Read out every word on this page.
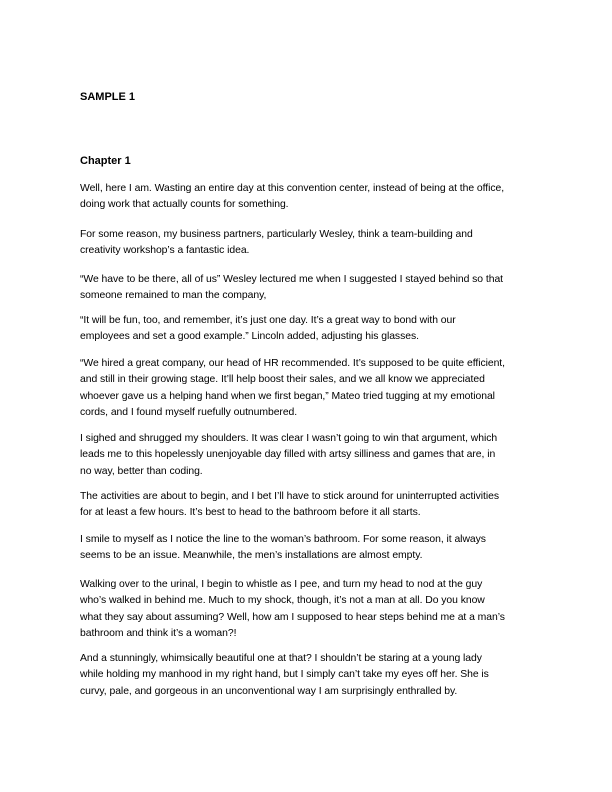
SAMPLE 1
Chapter 1

Well, here I am. Wasting an entire day at this convention center, instead of being at the office,
doing work that actually counts for something.

For some reason, my business partners, particularly Wesley, think a team-building and
creativity workshop’s a fantastic idea.

“We have to be there, all of us” Wesley lectured me when I suggested I stayed behind so that
someone remained to man the company,

“It will be fun, too, and remember, it’s just one day. It’s a great way to bond with our
employees and set a good example.” Lincoln added, adjusting his glasses.

“We hired a great company, our head of HR recommended. It’s supposed to be quite efficient,
and still in their growing stage. It’ll help boost their sales, and we all know we appreciated
whoever gave us a helping hand when we first began,” Mateo tried tugging at my emotional
cords, and I found myself ruefully outnumbered.

I sighed and shrugged my shoulders. It was clear I wasn’t going to win that argument, which
leads me to this hopelessly unenjoyable day filled with artsy silliness and games that are, in
no way, better than coding.

The activities are about to begin, and I bet I’ll have to stick around for uninterrupted activities
for at least a few hours. It’s best to head to the bathroom before it all starts.

I smile to myself as I notice the line to the woman’s bathroom. For some reason, it always
seems to be an issue. Meanwhile, the men’s installations are almost empty.

Walking over to the urinal, I begin to whistle as I pee, and turn my head to nod at the guy
who’s walked in behind me. Much to my shock, though, it’s not a man at all. Do you know
what they say about assuming? Well, how am I supposed to hear steps behind me at a man’s
bathroom and think it’s a woman?!

And a stunningly, whimsically beautiful one at that? I shouldn’t be staring at a young lady
while holding my manhood in my right hand, but I simply can’t take my eyes off her. She is
curvy, pale, and gorgeous in an unconventional way I am surprisingly enthralled by.
